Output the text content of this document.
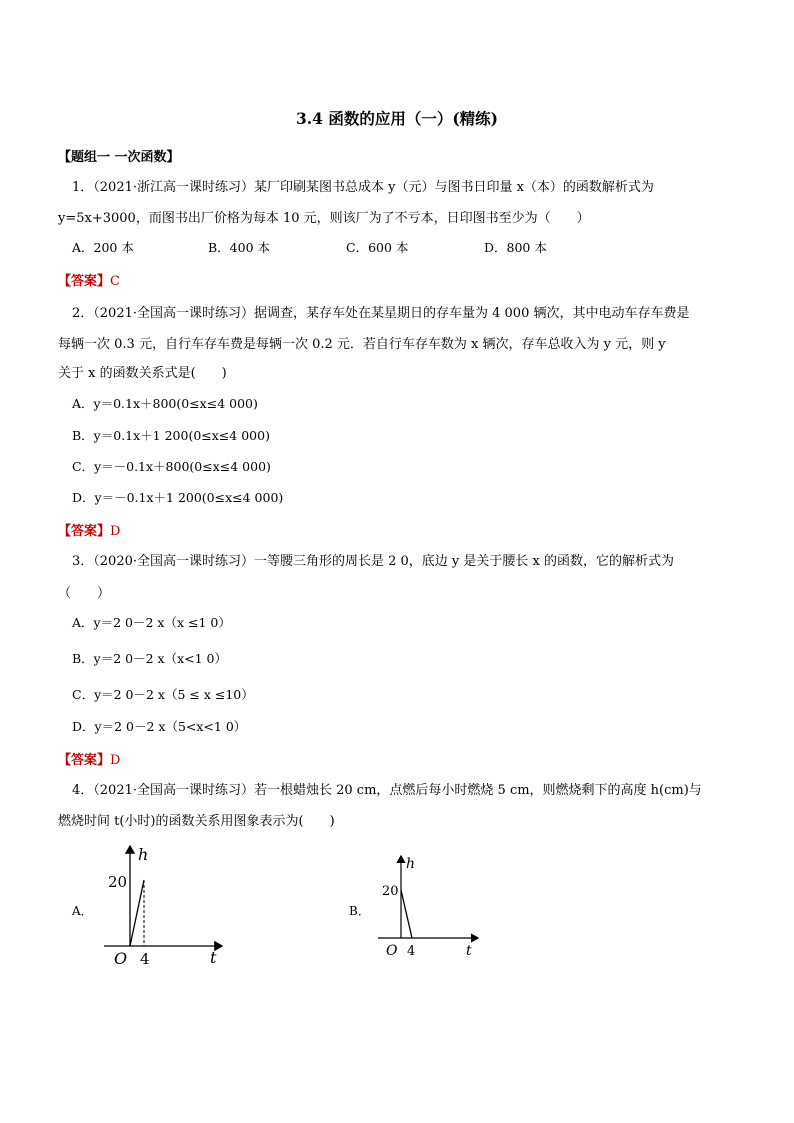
3.4 函数的应用（一）(精练)
【题组一 一次函数】
1．（2021·浙江高一课时练习）某厂印刷某图书总成本 y（元）与图书日印量 x（本）的函数解析式为
y=5x+3000，而图书出厂价格为每本 10 元，则该厂为了不亏本，日印图书至少为（　　）
A．200 本	B．400 本	C．600 本	D．800 本
【答案】C
2．（2021·全国高一课时练习）据调查，某存车处在某星期日的存车量为 4 000 辆次，其中电动车存车费是
每辆一次 0.3 元，自行车存车费是每辆一次 0.2 元．若自行车存车数为 x 辆次，存车总收入为 y 元，则 y
关于 x 的函数关系式是(　　)
A．y＝0.1x＋800(0≤x≤4 000)
B．y＝0.1x＋1 200(0≤x≤4 000)
C．y＝－0.1x＋800(0≤x≤4 000)
D．y＝－0.1x＋1 200(0≤x≤4 000)
【答案】D
3．（2020·全国高一课时练习）一等腰三角形的周长是 2 0，底边 y 是关于腰长 x 的函数，它的解析式为
（　　）
A．y＝2 0－2 x（x ≤1 0）
B．y＝2 0－2 x（x<1 0）
C．y＝2 0－2 x（5 ≤ x ≤10）
D．y＝2 0－2 x（5<x<1 0）
【答案】D
4．（2021·全国高一课时练习）若一根蜡烛长 20 cm，点燃后每小时燃烧 5 cm，则燃烧剩下的高度 h(cm)与
燃烧时间 t(小时)的函数关系用图象表示为(　　)
A．	B．
h
t
O
20
4
h
t
O
20
4
